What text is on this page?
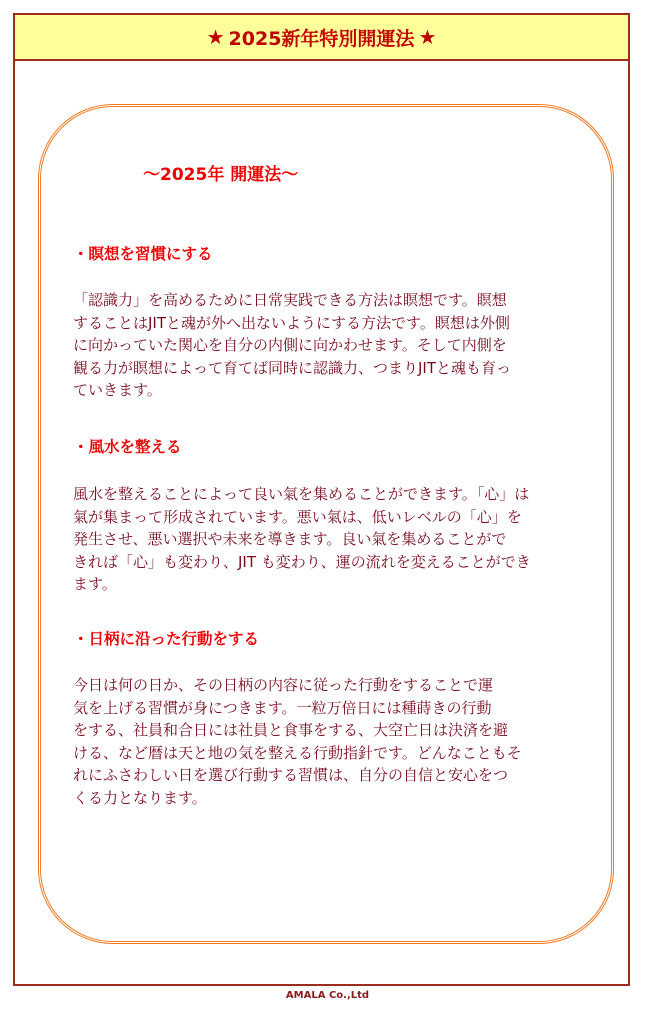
★ 2025新年特別開運法 ★
～2025年 開運法～
・瞑想を習慣にする
「認識力」を高めるために日常実践できる方法は瞑想です。瞑想
することはJITと魂が外へ出ないようにする方法です。瞑想は外側
に向かっていた関心を自分の内側に向かわせます。そして内側を
観る力が瞑想によって育てば同時に認識力、つまりJITと魂も育っ
ていきます。
・風水を整える
風水を整えることによって良い氣を集めることができます。「心」は
氣が集まって形成されています。悪い氣は、低いレベルの「心」を
発生させ、悪い選択や未来を導きます。良い氣を集めることがで
きれば「心」も変わり、JIT も変わり、運の流れを変えることができ
ます。
・日柄に沿った行動をする
今日は何の日か、その日柄の内容に従った行動をすることで運
気を上げる習慣が身につきます。一粒万倍日には種蒔きの行動
をする、社員和合日には社員と食事をする、大空亡日は決済を避
ける、など暦は天と地の気を整える行動指針です。どんなこともそ
れにふさわしい日を選び行動する習慣は、自分の自信と安心をつ
くる力となります。
AMALA Co.,Ltd
